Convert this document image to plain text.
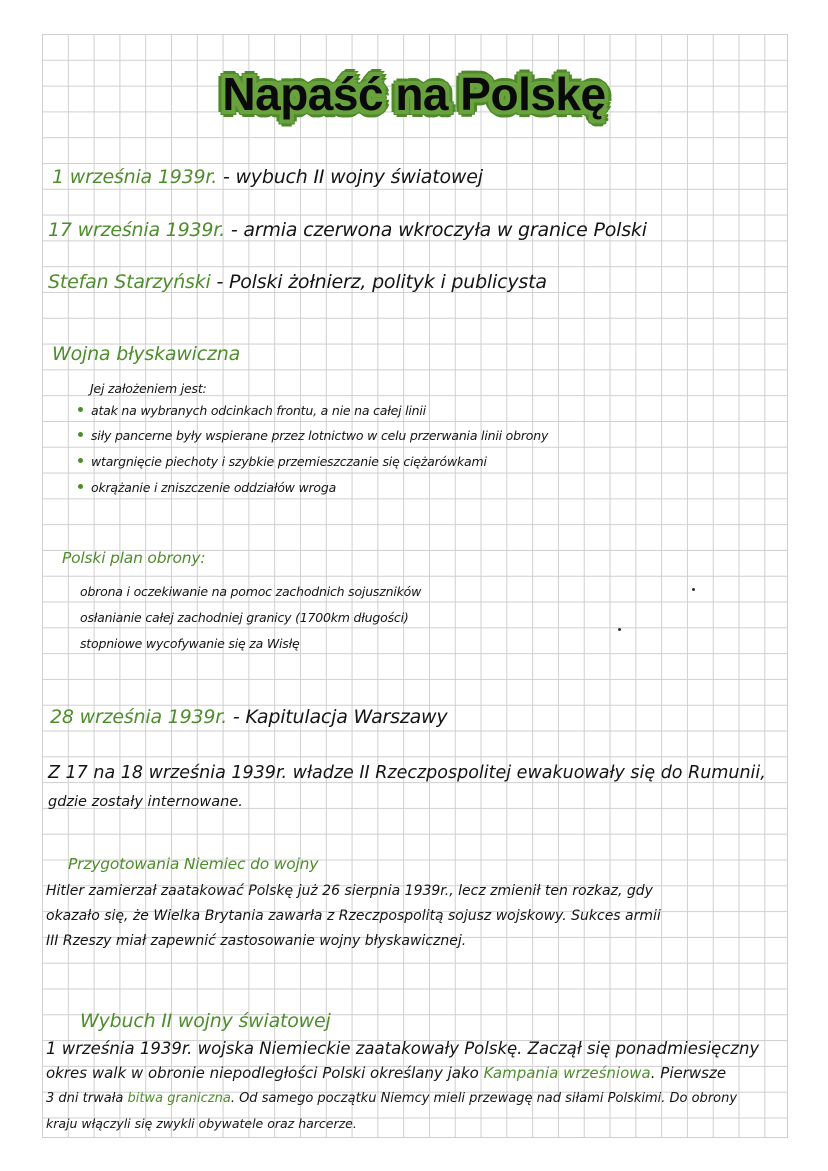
Napaść na Polskę
1 września 1939r. - wybuch II wojny światowej
17 września 1939r. - armia czerwona wkroczyła w granice Polski
Stefan Starzyński - Polski żołnierz, polityk i publicysta
Wojna błyskawiczna
Jej założeniem jest:
atak na wybranych odcinkach frontu, a nie na całej linii
siły pancerne były wspierane przez lotnictwo w celu przerwania linii obrony
wtargnięcie piechoty i szybkie przemieszczanie się ciężarówkami
okrążanie i zniszczenie oddziałów wroga
Polski plan obrony:
obrona i oczekiwanie na pomoc zachodnich sojuszników
osłanianie całej zachodniej granicy (1700km długości)
stopniowe wycofywanie się za Wisłę
28 września 1939r. - Kapitulacja Warszawy
Z 17 na 18 września 1939r. władze II Rzeczpospolitej ewakuowały się do Rumunii,
gdzie zostały internowane.
Przygotowania Niemiec do wojny
Hitler zamierzał zaatakować Polskę już 26 sierpnia 1939r., lecz zmienił ten rozkaz, gdy
okazało się, że Wielka Brytania zawarła z Rzeczpospolitą sojusz wojskowy. Sukces armii
III Rzeszy miał zapewnić zastosowanie wojny błyskawicznej.
Wybuch II wojny światowej
1 września 1939r. wojska Niemieckie zaatakowały Polskę. Zaczął się ponadmiesięczny
okres walk w obronie niepodległości Polski określany jako Kampania wrześniowa. Pierwsze
3 dni trwała bitwa graniczna. Od samego początku Niemcy mieli przewagę nad siłami Polskimi. Do obrony
kraju włączyli się zwykli obywatele oraz harcerze.
